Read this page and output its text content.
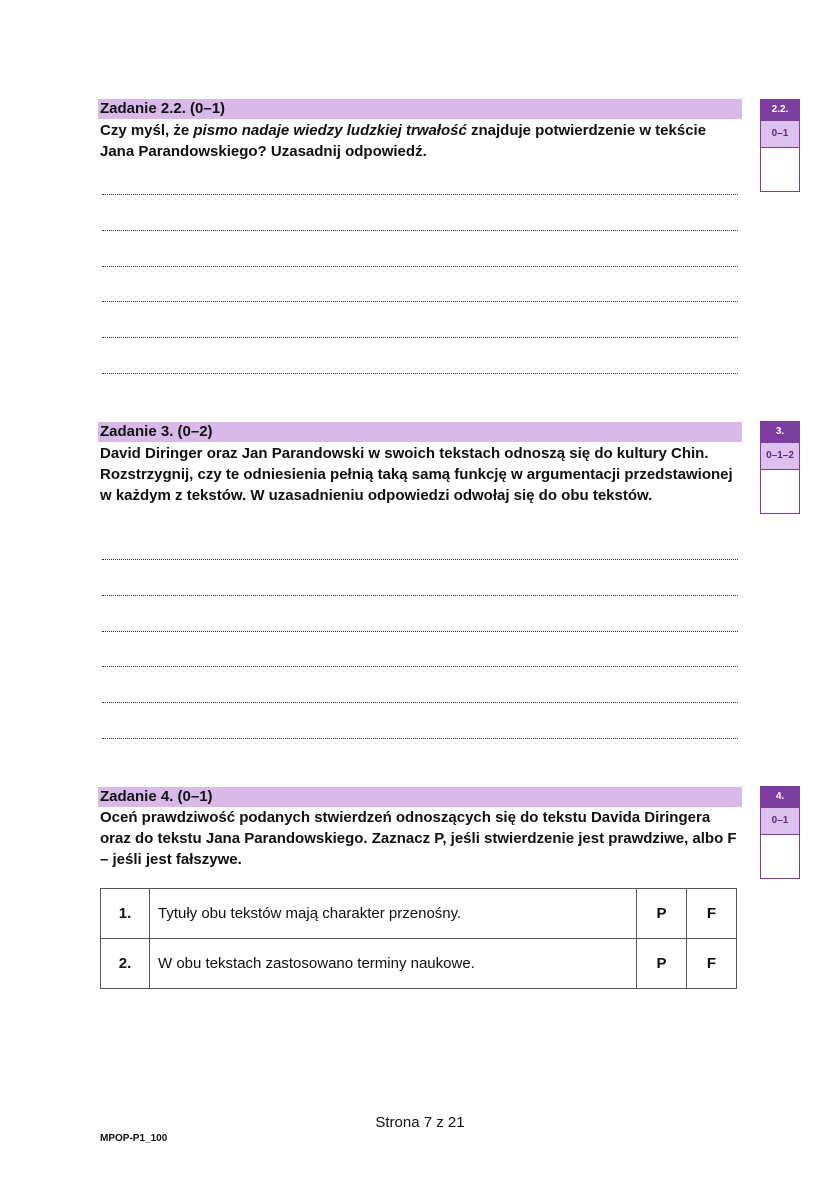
Zadanie 2.2. (0–1)
Czy myśl, że pismo nadaje wiedzy ludzkiej trwałość znajduje potwierdzenie w tekście Jana Parandowskiego? Uzasadnij odpowiedź.
2.2.
0–1
Zadanie 3. (0–2)
David Diringer oraz Jan Parandowski w swoich tekstach odnoszą się do kultury Chin. Rozstrzygnij, czy te odniesienia pełnią taką samą funkcję w argumentacji przedstawionej w każdym z tekstów. W uzasadnieniu odpowiedzi odwołaj się do obu tekstów.
3.
0–1–2
Zadanie 4. (0–1)
Oceń prawdziwość podanych stwierdzeń odnoszących się do tekstu Davida Diringera oraz do tekstu Jana Parandowskiego. Zaznacz P, jeśli stwierdzenie jest prawdziwe, albo F – jeśli jest fałszywe.
4.
0–1
1.	Tytuły obu tekstów mają charakter przenośny.	P	F
2.	W obu tekstach zastosowano terminy naukowe.	P	F
Strona 7 z 21
MPOP-P1_100
